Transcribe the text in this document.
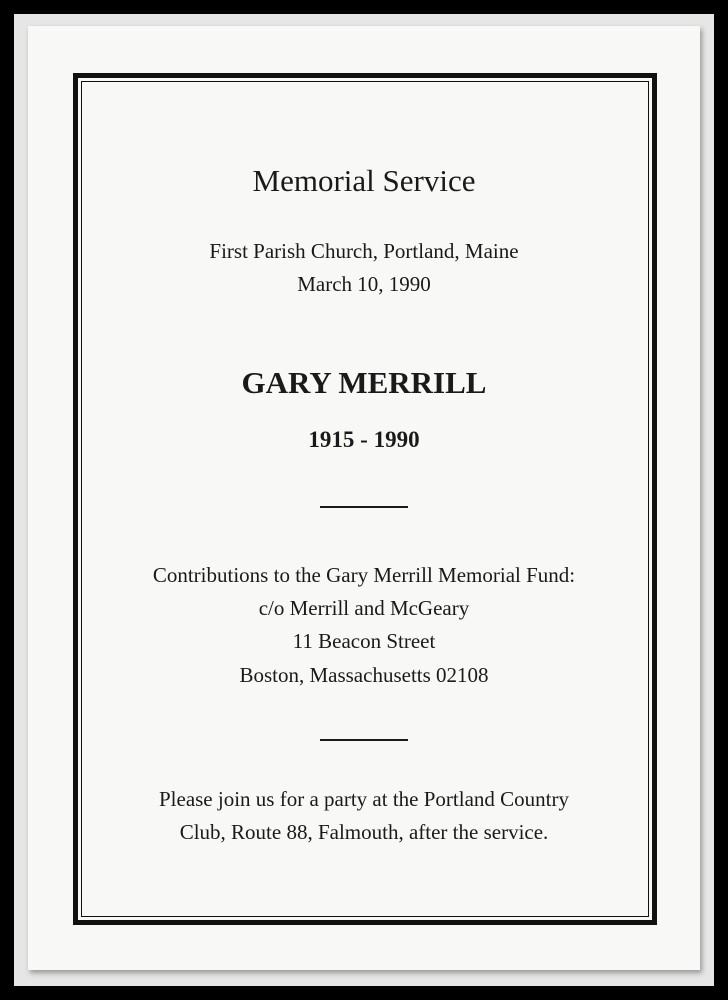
Memorial Service
First Parish Church, Portland, Maine
March 10, 1990
GARY MERRILL
1915 - 1990
Contributions to the Gary Merrill Memorial Fund:
c/o Merrill and McGeary
11 Beacon Street
Boston, Massachusetts 02108
Please join us for a party at the Portland Country
Club, Route 88, Falmouth, after the service.
